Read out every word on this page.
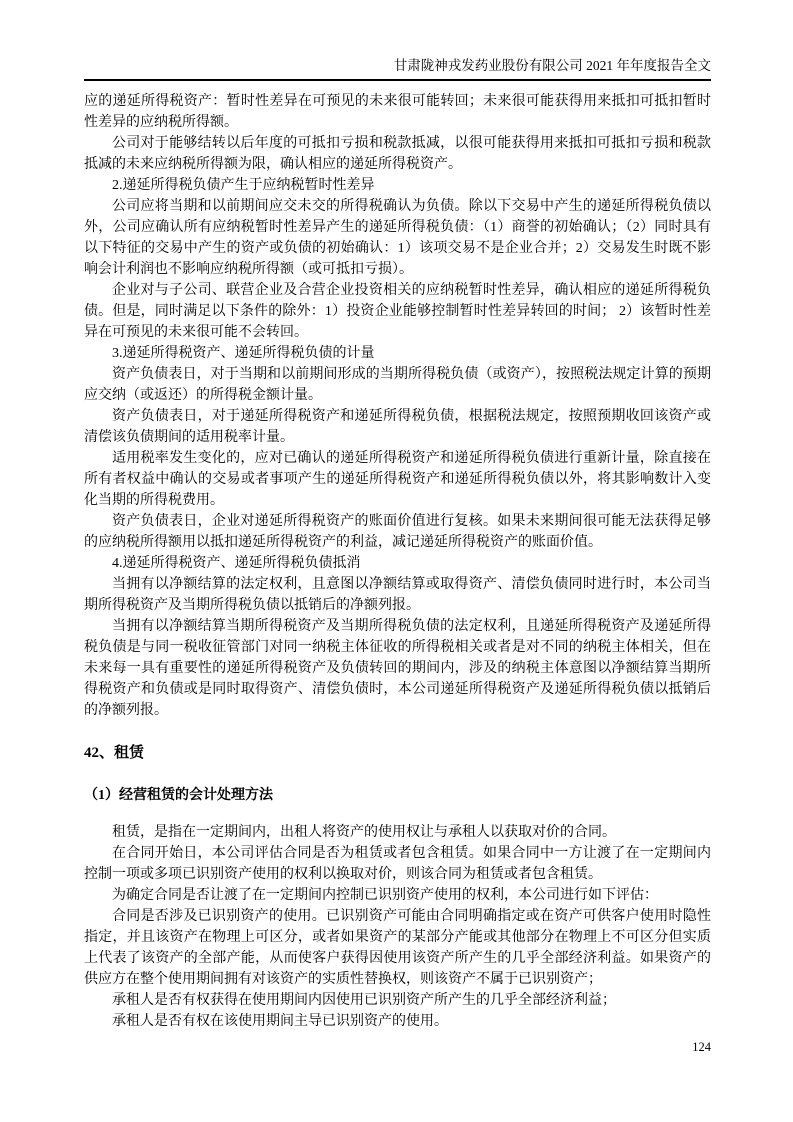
甘肃陇神戎发药业股份有限公司 2021 年年度报告全文

应的递延所得税资产：暂时性差异在可预见的未来很可能转回；未来很可能获得用来抵扣可抵扣暂时性差异的应纳税所得额。

公司对于能够结转以后年度的可抵扣亏损和税款抵减，以很可能获得用来抵扣可抵扣亏损和税款抵减的未来应纳税所得额为限，确认相应的递延所得税资产。

2.递延所得税负债产生于应纳税暂时性差异

公司应将当期和以前期间应交未交的所得税确认为负债。除以下交易中产生的递延所得税负债以外，公司应确认所有应纳税暂时性差异产生的递延所得税负债：（1）商誉的初始确认；（2）同时具有以下特征的交易中产生的资产或负债的初始确认：1）该项交易不是企业合并；2）交易发生时既不影响会计利润也不影响应纳税所得额（或可抵扣亏损）。

企业对与子公司、联营企业及合营企业投资相关的应纳税暂时性差异，确认相应的递延所得税负债。但是，同时满足以下条件的除外：1）投资企业能够控制暂时性差异转回的时间； 2）该暂时性差异在可预见的未来很可能不会转回。

3.递延所得税资产、递延所得税负债的计量

资产负债表日，对于当期和以前期间形成的当期所得税负债（或资产），按照税法规定计算的预期应交纳（或返还）的所得税金额计量。

资产负债表日，对于递延所得税资产和递延所得税负债，根据税法规定，按照预期收回该资产或清偿该负债期间的适用税率计量。

适用税率发生变化的，应对已确认的递延所得税资产和递延所得税负债进行重新计量，除直接在所有者权益中确认的交易或者事项产生的递延所得税资产和递延所得税负债以外，将其影响数计入变化当期的所得税费用。

资产负债表日，企业对递延所得税资产的账面价值进行复核。如果未来期间很可能无法获得足够的应纳税所得额用以抵扣递延所得税资产的利益，减记递延所得税资产的账面价值。

4.递延所得税资产、递延所得税负债抵消

当拥有以净额结算的法定权利，且意图以净额结算或取得资产、清偿负债同时进行时，本公司当期所得税资产及当期所得税负债以抵销后的净额列报。

当拥有以净额结算当期所得税资产及当期所得税负债的法定权利，且递延所得税资产及递延所得税负债是与同一税收征管部门对同一纳税主体征收的所得税相关或者是对不同的纳税主体相关，但在未来每一具有重要性的递延所得税资产及负债转回的期间内，涉及的纳税主体意图以净额结算当期所得税资产和负债或是同时取得资产、清偿负债时，本公司递延所得税资产及递延所得税负债以抵销后的净额列报。

42、租赁

（1）经营租赁的会计处理方法

租赁，是指在一定期间内，出租人将资产的使用权让与承租人以获取对价的合同。

在合同开始日，本公司评估合同是否为租赁或者包含租赁。如果合同中一方让渡了在一定期间内控制一项或多项已识别资产使用的权利以换取对价，则该合同为租赁或者包含租赁。

为确定合同是否让渡了在一定期间内控制已识别资产使用的权利，本公司进行如下评估：

合同是否涉及已识别资产的使用。已识别资产可能由合同明确指定或在资产可供客户使用时隐性指定，并且该资产在物理上可区分，或者如果资产的某部分产能或其他部分在物理上不可区分但实质上代表了该资产的全部产能，从而使客户获得因使用该资产所产生的几乎全部经济利益。如果资产的供应方在整个使用期间拥有对该资产的实质性替换权，则该资产不属于已识别资产；

承租人是否有权获得在使用期间内因使用已识别资产所产生的几乎全部经济利益；

承租人是否有权在该使用期间主导已识别资产的使用。

124
